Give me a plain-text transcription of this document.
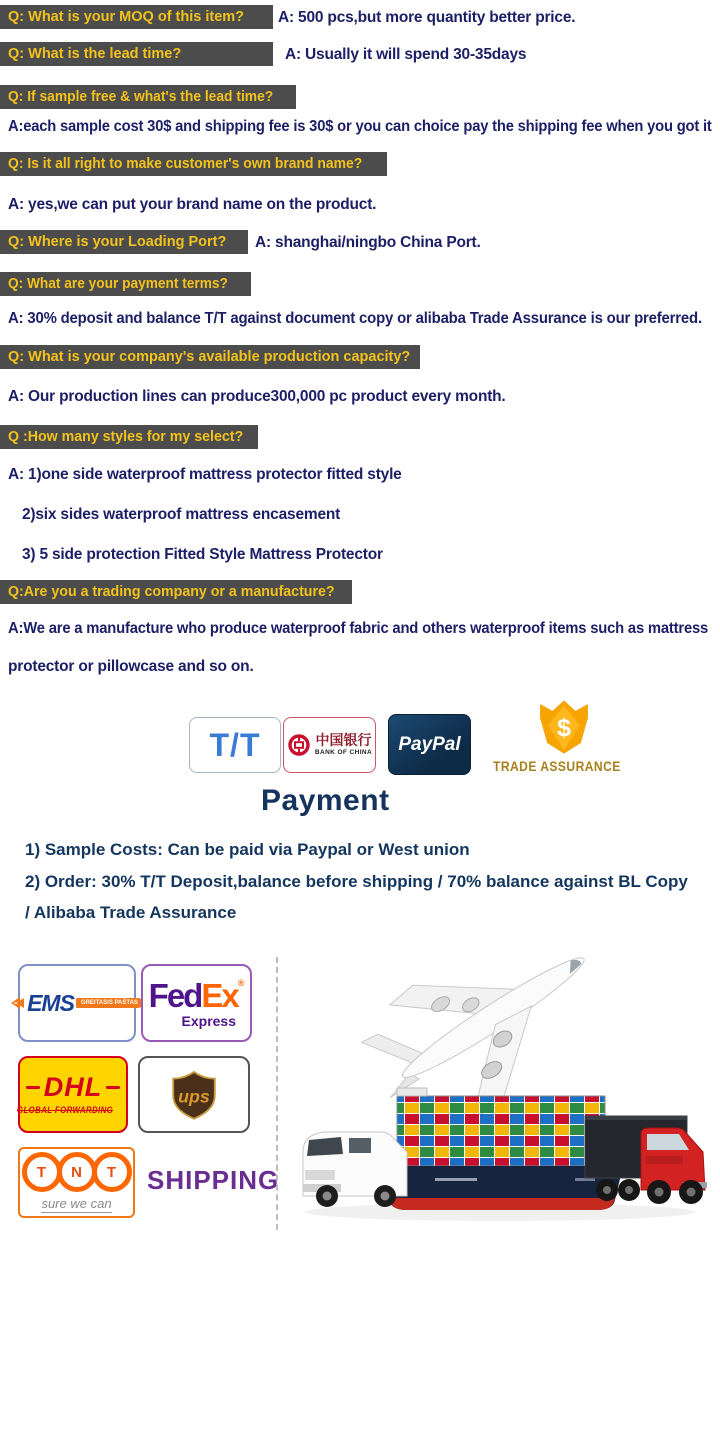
Q: What is your MOQ of this item?	A: 500 pcs,but more quantity better price.
Q: What is the lead time?	A: Usually it will spend 30-35days
Q: If sample free & what's the lead time?
A:each sample cost 30$ and shipping fee is 30$ or you can choice pay the shipping fee when you got it
Q: Is it all right to make customer's own brand name?
A: yes,we can put your brand name on the product.
Q: Where is your Loading Port?	A: shanghai/ningbo China Port.
Q: What are your payment terms?
A: 30% deposit and balance T/T against document copy or alibaba Trade Assurance is our preferred.
Q: What is your company's available production capacity?
A: Our production lines can produce300,000 pc product every month.
Q :How many styles for my select?
A: 1)one side waterproof mattress protector fitted style
2)six sides waterproof mattress encasement
3) 5 side protection Fitted Style Mattress Protector
Q:Are you a trading company or a manufacture?
A:We are a manufacture who produce waterproof fabric and others waterproof items such as mattress
protector or pillowcase and so on.
T/T	中国银行
BANK OF CHINA PayPal
$
TRADE ASSURANCE
Payment
1) Sample Costs: Can be paid via Paypal or West union
2) Order: 30% T/T Deposit,balance before shipping / 70% balance against BL Copy
/ Alibaba Trade Assurance
EMS	GREITASIS PAŠTAS FedEx®
Express
DHL
GLOBAL FORWARDING
ups
T	N	T
sure we can
SHIPPING
